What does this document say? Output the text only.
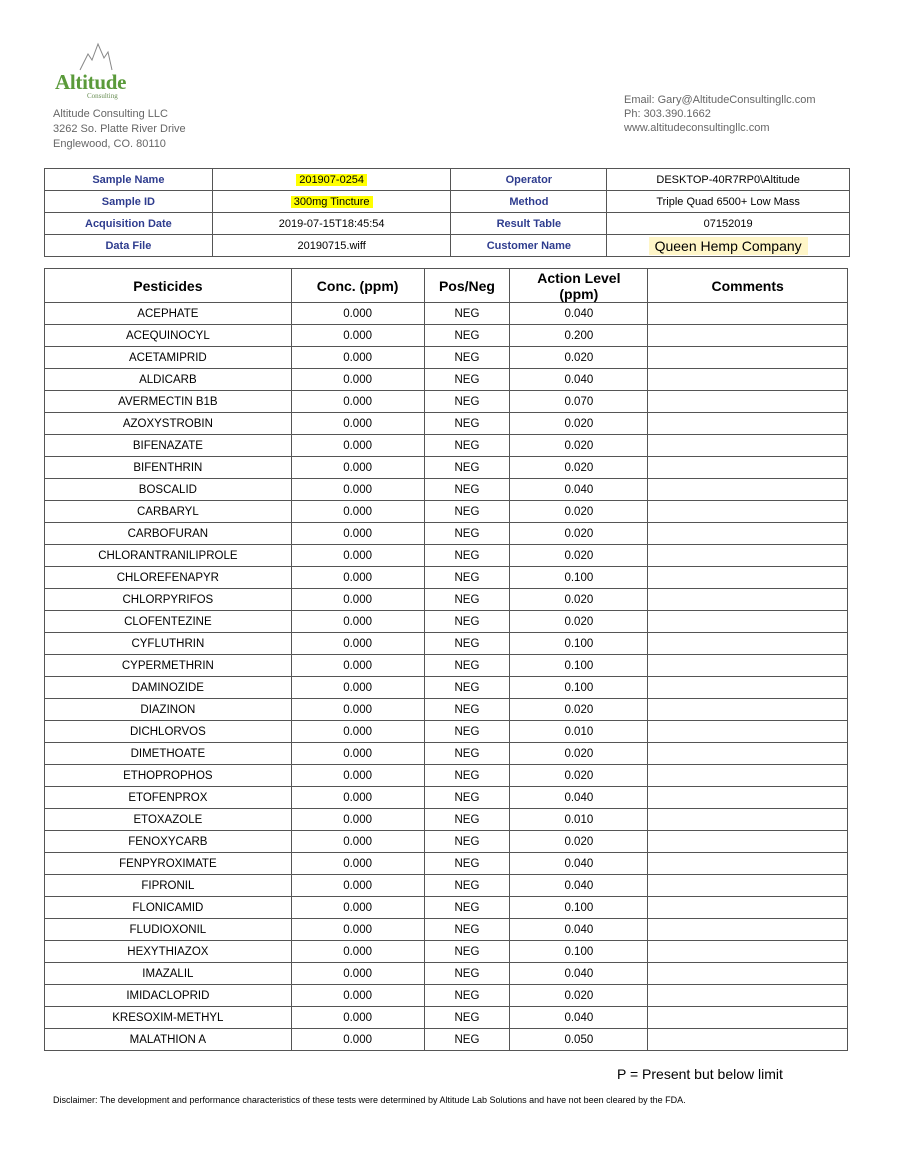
Altitude
Consulting
Altitude Consulting LLC
3262 So. Platte River Drive
Englewood, CO. 80110
Email: Gary@AltitudeConsultingllc.com
Ph: 303.390.1662
www.altitudeconsultingllc.com
Sample Name	201907-0254	Operator	DESKTOP-40R7RP0\Altitude
Sample ID	300mg Tincture	Method	Triple Quad 6500+ Low Mass
Acquisition Date	2019-07-15T18:45:54	Result Table	07152019
Data File	20190715.wiff	Customer Name	Queen Hemp Company
Pesticides	Conc. (ppm)	Pos/Neg	Action Level (ppm)	Comments
ACEPHATE	0.000	NEG	0.040	
ACEQUINOCYL	0.000	NEG	0.200	
ACETAMIPRID	0.000	NEG	0.020	
ALDICARB	0.000	NEG	0.040	
AVERMECTIN B1B	0.000	NEG	0.070	
AZOXYSTROBIN	0.000	NEG	0.020	
BIFENAZATE	0.000	NEG	0.020	
BIFENTHRIN	0.000	NEG	0.020	
BOSCALID	0.000	NEG	0.040	
CARBARYL	0.000	NEG	0.020	
CARBOFURAN	0.000	NEG	0.020	
CHLORANTRANILIPROLE	0.000	NEG	0.020	
CHLOREFENAPYR	0.000	NEG	0.100	
CHLORPYRIFOS	0.000	NEG	0.020	
CLOFENTEZINE	0.000	NEG	0.020	
CYFLUTHRIN	0.000	NEG	0.100	
CYPERMETHRIN	0.000	NEG	0.100	
DAMINOZIDE	0.000	NEG	0.100	
DIAZINON	0.000	NEG	0.020	
DICHLORVOS	0.000	NEG	0.010	
DIMETHOATE	0.000	NEG	0.020	
ETHOPROPHOS	0.000	NEG	0.020	
ETOFENPROX	0.000	NEG	0.040	
ETOXAZOLE	0.000	NEG	0.010	
FENOXYCARB	0.000	NEG	0.020	
FENPYROXIMATE	0.000	NEG	0.040	
FIPRONIL	0.000	NEG	0.040	
FLONICAMID	0.000	NEG	0.100	
FLUDIOXONIL	0.000	NEG	0.040	
HEXYTHIAZOX	0.000	NEG	0.100	
IMAZALIL	0.000	NEG	0.040	
IMIDACLOPRID	0.000	NEG	0.020	
KRESOXIM-METHYL	0.000	NEG	0.040	
MALATHION A	0.000	NEG	0.050	
P = Present but below limit
Disclaimer: The development and performance characteristics of these tests were determined by Altitude Lab Solutions and have not been cleared by the FDA.
